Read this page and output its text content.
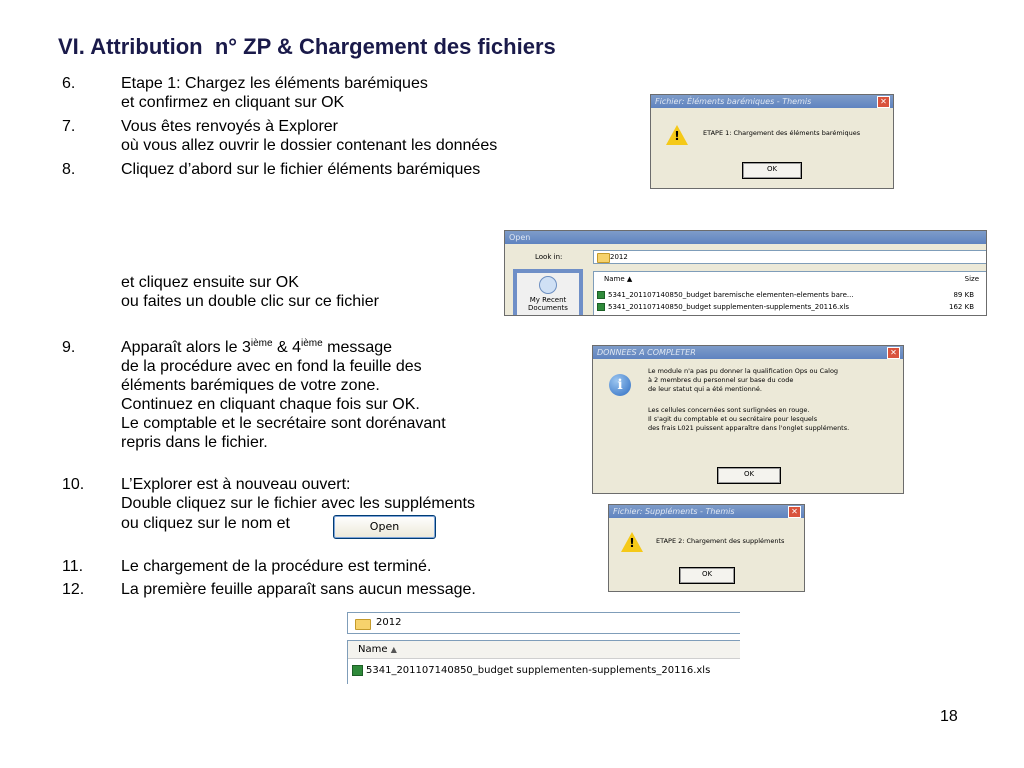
VI. Attribution  n° ZP & Chargement des fichiers
6.	Etape 1: Chargez les éléments barémiques
et confirmez en cliquant sur OK
7.	Vous êtes renvoyés à Explorer
où vous allez ouvrir le dossier contenant les données
8.	Cliquez d’abord sur le fichier éléments barémiques
et cliquez ensuite sur OK
ou faites un double clic sur ce fichier
9.	Apparaît alors le 3ième & 4ième message
de la procédure avec en fond la feuille des
éléments barémiques de votre zone.
Continuez en cliquant chaque fois sur OK.
Le comptable et le secrétaire sont dorénavant
repris dans le fichier.
10. L’Explorer est à nouveau ouvert:
Double cliquez sur le fichier avec les suppléments
ou cliquez sur le nom et
11. Le chargement de la procédure est terminé.
12. La première feuille apparaît sans aucun message.
Fichier: Éléments barémiques - Themis	✕
!	ETAPE 1: Chargement des éléments barémiques
OK
Open
Look in:	2012
My Recent Documents
Name ▲	Size
5341_201107140850_budget baremische elementen-elements bare...	89 KB
5341_201107140850_budget supplementen-supplements_20116.xls	162 KB
DONNEES A COMPLETER	✕
i
Le module n'a pas pu donner la qualification Ops ou Calog
à 2 membres du personnel sur base du code
de leur statut qui a été mentionné.
Les cellules concernées sont surlignées en rouge.
Il s'agit du comptable et ou secrétaire pour lesquels
des frais L021 puissent apparaître dans l'onglet suppléments.
OK
Open
Fichier: Suppléments - Themis	✕
!	ETAPE 2: Chargement des suppléments
OK
2012
Name ▲
5341_201107140850_budget supplementen-supplements_20116.xls
18
